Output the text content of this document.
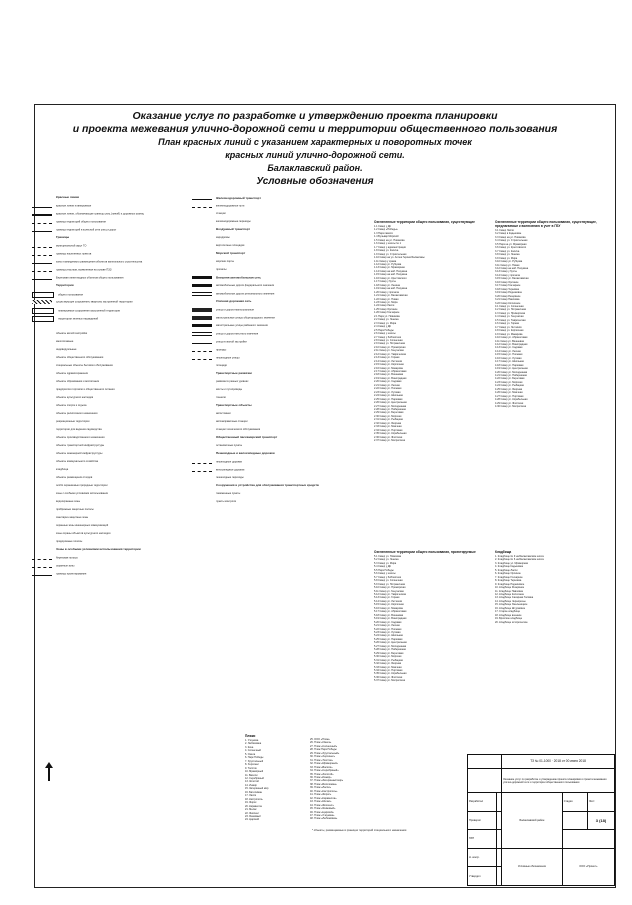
Оказание услуг по разработке и утверждению проекта планировки
и проекта межевания улично-дорожной сети и территории общественного пользования
План красных линий с указанием характерных и поворотных точек
красных линий улично-дорожной сети.
Балаклавский район.
Условные обозначения
Красные линии
красные линии планируемые
красные линии, обозначающие границу улиц (линий) и дорожных границ
граница территорий общего пользования
граница территорий в колесной сети улиц и дорог
Границы
муниципальный округ ГО
границы населенных пунктов
зоны планируемого размещения объектов капитального строительства
граница участков, выявленная на основе ПЗЗ
Береговая линия водных объектов общего пользования
Территории
общего пользования
существующие сооружения, кварталы застроенной территории
планируемые сооружения застроенной территории
территории зеленых насаждений
объекты жилой застройки
многоэтажные
индивидуальные
объекты общественного обслуживания
специальные объекты бытового обслуживания
объекты здравоохранения
объекты образования и воспитания
предприятия торговли и общественного питания
объекты культурного наследия
объекты спорта и отдыха
объекты религиозного назначения
рекреационные территории
территории для ведения садоводства
объекты производственного назначения
объекты транспортной инфраструктуры
объекты инженерной инфраструктуры
объекты коммунального хозяйства
кладбища
объекты размещения отходов
особо охраняемые природные территории
зоны с особыми условиями использования
водоохранные зоны
прибрежные защитные полосы
санитарно-защитные зоны
охранные зоны инженерных коммуникаций
зоны охраны объектов культурного наследия
придорожные полосы
Зоны в особыми условиями использования территории
береговая полоса
охранные зоны
границы проектирования
Железнодорожный транспорт
железнодорожные пути
станции
железнодорожные переезды
Воздушный транспорт
аэродромы
вертолетные площадки
Морской транспорт
морские порты
причалы
Внешняя автомобильная сеть
автомобильные дороги федерального значения
автомобильные дороги регионального значения
Уличная дорожная сеть
улицы и дороги магистральные
магистральные улицы общегородского значения
магистральные улицы районного значения
улицы и дороги местного значения
улицы в жилой застройке
проезды
пешеходные улицы
площади
Транспортные развязки
развязки в разных уровнях
мосты и путепроводы
тоннели
Транспортные объекты
автостоянки
автозаправочные станции
станции технического обслуживания
Общественный пассажирский транспорт
остановочные пункты
Пешеходные и велосипедные дорожки
пешеходные дорожки
велосипедные дорожки
пешеходные переходы
Сооружения и устройства для обслуживания транспортных средств
таможенные пункты
пункты контроля
Озелененные территории общего пользования, существующие
1.1 Сквер у ДК
1.2 Сквер «Победы»
1.3 Парк памяти
1.4 Бульвар Морской
1.5 Сквер на ул. Новикова
1.6 Сквер у школы № 1
1.7 Сквер у администрации
1.8 Сквер ул. Калича
1.9 Сквер ул. Строительная
1.10 Сквер на ул. Аллея Героев Балаклавы
1.11 Сквер у храма
1.12 Сквер ул. Рубцова
1.13 Сквер ул. Мраморная
1.14 Сквер на наб. Назукина
1.15 Сквер на наб. Назукина
1.16 Сквер ул. Крестовского
1.17 Сквер у бухты
1.18 Сквер ул. Ленина
1.19 Сквер на наб. Назукина
1.20 Сквер у причала
1.21 Сквер ул. Балаклавская
1.22 Сквер ул. Новая
1.23 Сквер ул. Мира
1.24 Сквер Ласпи
1.25 Сквер Орлиное
1.26 Сквер Гончарное
2.1 Парк ул. Новикова
2.2 Сквер ул. Ленина
2.3 Сквер ул. Мира
2.4 Сквер у ДК
2.5 Парк Победы
2.6 Сквер у школы
2.7 Сквер у библиотеки
2.8 Сквер ул. Солнечная
2.9 Сквер ул. Пограничная
2.10 Сквер ул. Приморская
2.11 Сквер ул. Генуэзская
2.12 Сквер ул. Таврическая
2.13 Сквер ул. Горная
2.14 Сквер ул. Летчиков
2.15 Сквер ул. Кирпичная
2.16 Сквер ул. Макарова
2.17 Сквер ул. Абрикосовая
2.18 Сквер ул. Вишневая
2.19 Сквер ул. Виноградная
2.20 Сквер ул. Садовая
2.21 Сквер ул. Лесная
2.22 Сквер ул. Полевая
2.23 Сквер ул. Луговая
2.24 Сквер ул. Школьная
2.25 Сквер ул. Парковая
2.26 Сквер ул. Центральная
2.27 Сквер ул. Молодежная
2.28 Сквер ул. Набережная
2.29 Сквер ул. Береговая
2.30 Сквер ул. Морская
2.31 Сквер ул. Рыбацкая
2.32 Сквер ул. Якорная
2.33 Сквер ул. Маячная
2.34 Сквер ул. Портовая
2.35 Сквер ул. Корабельная
2.36 Сквер ул. Флотская
2.37 Сквер ул. Матросская
Озелененные территории общего пользования, существующие, предлагаемые к включению в учет в ГБУ
3.1 Сквер Ласпи
3.2 Сквер в Кадыковке
3.3 Сквер на ул. Новикова
3.4 Сквер ул. Строительная
3.5 Парк на ул. Мраморная
3.6 Сквер ул. Крестовского
3.7 Сквер ул. Калича
3.8 Сквер ул. Ленина
3.9 Сквер ул. Мира
3.10 Сквер ул. Рубцова
3.11 Сквер ул. Новая
3.12 Сквер на наб. Назукина
3.13 Сквер у бухты
3.14 Сквер у причала
3.15 Сквер ул. Балаклавская
3.16 Сквер Орлиное
3.17 Сквер Гончарное
3.18 Сквер Терновка
3.19 Сквер Родниковое
3.20 Сквер Резервное
3.21 Сквер Павловка
3.22 Сквер Колхозное
4.1 Сквер ул. Солнечная
4.2 Сквер ул. Пограничная
4.3 Сквер ул. Приморская
4.4 Сквер ул. Генуэзская
4.5 Сквер ул. Таврическая
4.6 Сквер ул. Горная
4.7 Сквер ул. Летчиков
4.8 Сквер ул. Кирпичная
4.9 Сквер ул. Макарова
4.10 Сквер ул. Абрикосовая
4.11 Сквер ул. Вишневая
4.12 Сквер ул. Виноградная
4.13 Сквер ул. Садовая
4.14 Сквер ул. Лесная
4.15 Сквер ул. Полевая
4.16 Сквер ул. Луговая
4.17 Сквер ул. Школьная
4.18 Сквер ул. Парковая
4.19 Сквер ул. Центральная
4.20 Сквер ул. Молодежная
4.21 Сквер ул. Набережная
4.22 Сквер ул. Береговая
4.23 Сквер ул. Морская
4.24 Сквер ул. Рыбацкая
4.25 Сквер ул. Якорная
4.26 Сквер ул. Маячная
4.27 Сквер ул. Портовая
4.28 Сквер ул. Корабельная
4.29 Сквер ул. Флотская
4.30 Сквер ул. Матросская
Озелененные территории общего пользования, проектируемые
5.1 Сквер ул. Новикова
5.2 Сквер ул. Ленина
5.3 Сквер ул. Мира
5.4 Сквер у ДК
5.5 Парк Победы
5.6 Сквер у школы
5.7 Сквер у библиотеки
5.8 Сквер ул. Солнечная
5.9 Сквер ул. Пограничная
5.10 Сквер ул. Приморская
5.11 Сквер ул. Генуэзская
5.12 Сквер ул. Таврическая
5.13 Сквер ул. Горная
5.14 Сквер ул. Летчиков
5.15 Сквер ул. Кирпичная
5.16 Сквер ул. Макарова
5.17 Сквер ул. Абрикосовая
5.18 Сквер ул. Вишневая
5.19 Сквер ул. Виноградная
5.20 Сквер ул. Садовая
5.21 Сквер ул. Лесная
5.22 Сквер ул. Полевая
5.23 Сквер ул. Луговая
5.24 Сквер ул. Школьная
5.25 Сквер ул. Парковая
5.26 Сквер ул. Центральная
5.27 Сквер ул. Молодежная
5.28 Сквер ул. Набережная
5.29 Сквер ул. Береговая
5.30 Сквер ул. Морская
5.31 Сквер ул. Рыбацкая
5.32 Сквер ул. Якорная
5.33 Сквер ул. Маячная
5.34 Сквер ул. Портовая
5.35 Сквер ул. Корабельная
5.36 Сквер ул. Флотская
5.37 Сквер ул. Матросская
Кладбища
1. Кладбище № 9 на Балаклавском шоссе
2. Кладбище № 6 на Балаклавском шоссе
3. Кладбище ул. Мраморная
4. Кладбище Кадыковка
5. Кладбище Ласпи
6. Кладбище Орлиное
7. Кладбище Гончарное
8. Кладбище Терновка
9. Кладбище Родниковое
10. Кладбище Резервное
11. Кладбище Павловка
12. Кладбище Колхозное
13. Кладбище Сахарная Головка
14. Кладбище Черноречье
15. Кладбище Хмельницкое
16. Кладбище Штурмовое
17. Старое кладбище
18. Кладбище военное
19. Братское кладбище
20. Кладбище историческое
Пляжи
1. Учкуевка
2. Любимовка
3. Кача
4. Солнечный
5. Омега
6. Парк Победы
7. Хрустальный
8. Херсонес
9. Толстяк
10. Мраморный
11. Васили
12. Серебряный
13. Золотой
14. Инжир
15. Затерянный мир
16. Батилиман
17. Ласпи
18. Кастрополь
19. Форос
20. Каравелла
21. Мелас
22. Фиолент
23. Яшмовый
24. Царский
25. ООО «Пляж»
26. Пляж «Омега»
27. Пляж «Солнечный»
28. Пляж Парк Победы
29. Пляж «Хрустальный»
30. Пляж «Херсонес»
31. Пляж «Толстяк»
32. Пляж «Мраморный»
33. Пляж «Васили»
34. Пляж «Серебряный»
35. Пляж «Золотой»
36. Пляж «Инжир»
37. Пляж «Затерянный мир»
38. Пляж «Батилиман»
39. Пляж «Ласпи»
40. Пляж «Кастрополь»
41. Пляж «Форос»
42. Пляж «Каравелла»
43. Пляж «Мелас»
44. Пляж «Фиолент»
45. Пляж «Яшмовый»
46. Пляж «Царский»
47. Пляж «Учкуевка»
48. Пляж «Любимовка»
* объекты, размещаемые в границах территорий специального назначения
		ТЗ № 01-1000 · 2018 от 00 июня 2018		
		Оказание услуг по разработке и утверждению проекта планировки и проекта межевания улично-дорожной сети и территории общественного пользования		
Разработал		Балаклавский район	Стадия	Лист
Проверил				3 (18)
ГИП				
Н. контр.		Условные обозначения	ООО «Проект»	
Утвердил				
